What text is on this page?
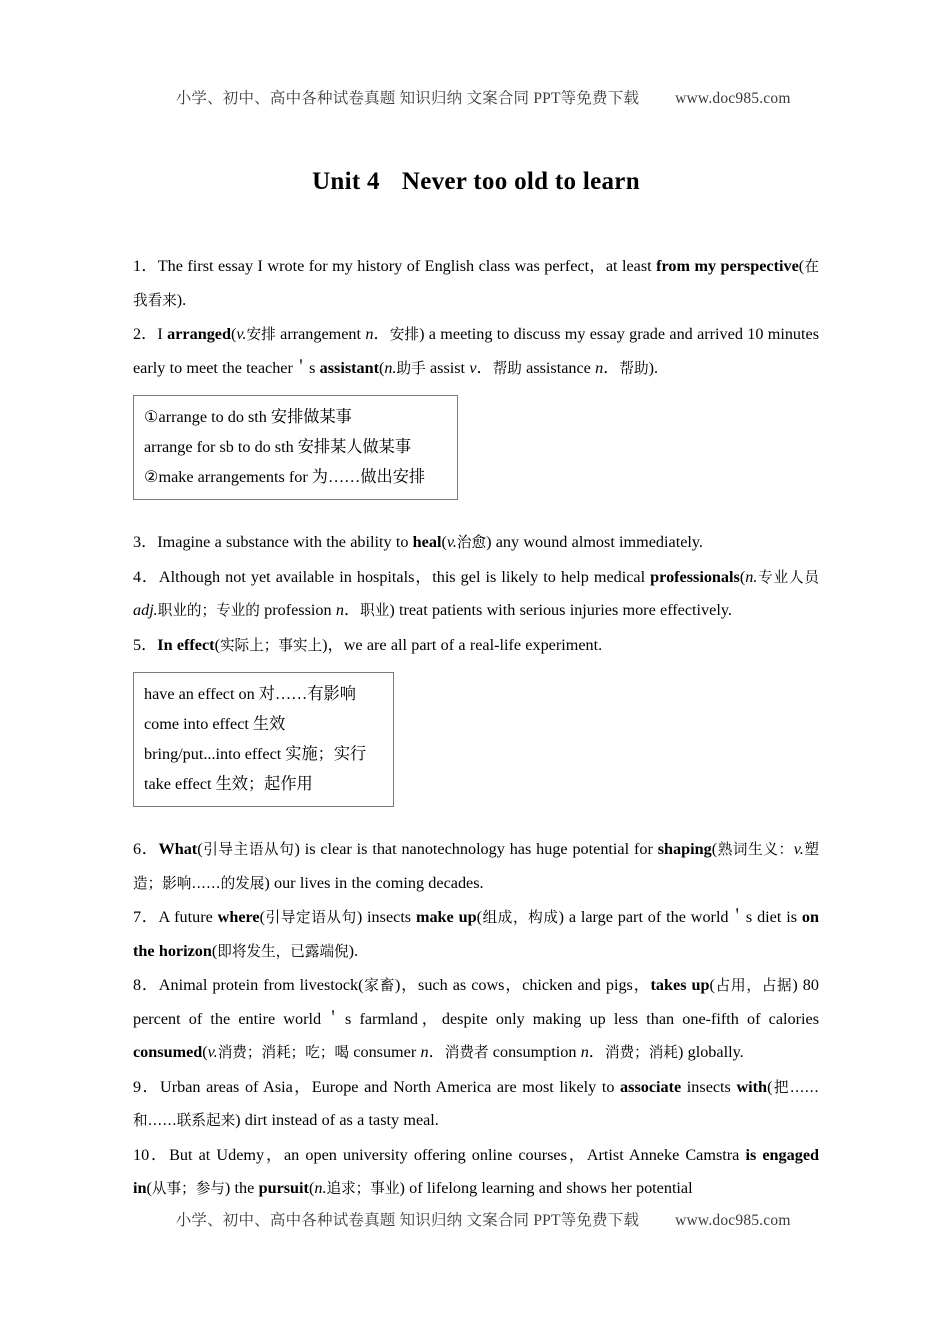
小学、初中、高中各种试卷真题 知识归纳 文案合同 PPT等免费下载 www.doc985.com

Unit 4 Never too old to learn

1．The first essay I wrote for my history of English class was perfect，at least from my perspective(在我看来).

2．I arranged(v.安排 arrangement n．安排) a meeting to discuss my essay grade and arrived 10 minutes early to meet the teacher＇s assistant(n.助手 assist v．帮助 assistance n．帮助).

①arrange to do sth 安排做某事
arrange for sb to do sth 安排某人做某事
②make arrangements for 为……做出安排

3．Imagine a substance with the ability to heal(v.治愈) any wound almost immediately.

4．Although not yet available in hospitals，this gel is likely to help medical professionals(n.专业人员 adj.职业的；专业的 profession n．职业) treat patients with serious injuries more effectively.

5．In effect(实际上；事实上)，we are all part of a real-life experiment.

have an effect on 对……有影响
come into effect 生效
bring/put...into effect 实施；实行
take effect 生效；起作用

6．What(引导主语从句) is clear is that nanotechnology has huge potential for shaping(熟词生义：v.塑造；影响……的发展) our lives in the coming decades.

7．A future where(引导定语从句) insects make up(组成，构成) a large part of the world＇s diet is on the horizon(即将发生，已露端倪).

8．Animal protein from livestock(家畜)，such as cows，chicken and pigs，takes up(占用，占据) 80 percent of the entire world＇s farmland，despite only making up less than one-fifth of calories consumed(v.消费；消耗；吃；喝 consumer n．消费者 consumption n．消费；消耗) globally.

9．Urban areas of Asia，Europe and North America are most likely to associate insects with(把……和……联系起来) dirt instead of as a tasty meal.

10．But at Udemy，an open university offering online courses，Artist Anneke Camstra is engaged in(从事；参与) the pursuit(n.追求；事业) of lifelong learning and shows her potential

小学、初中、高中各种试卷真题 知识归纳 文案合同 PPT等免费下载 www.doc985.com
